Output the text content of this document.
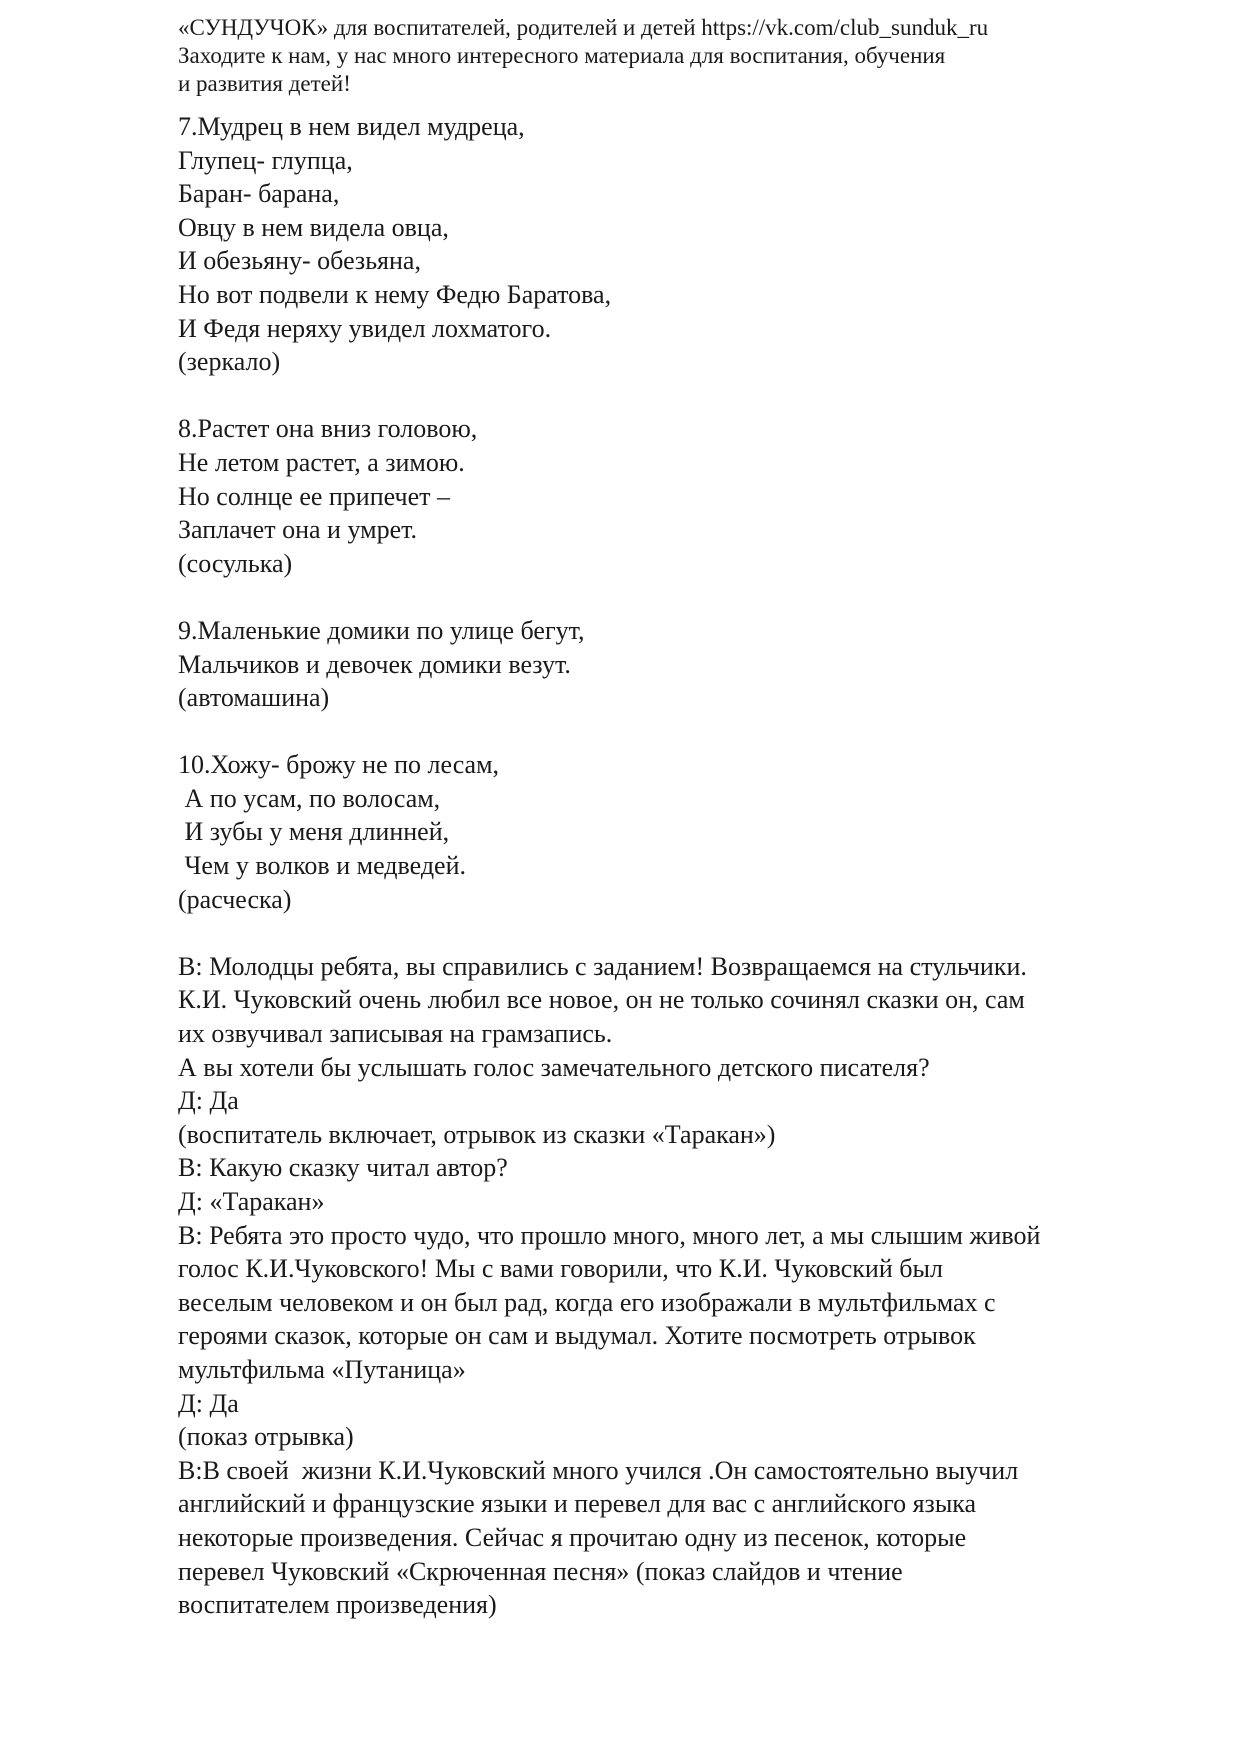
«СУНДУЧОК» для воспитателей, родителей и детей https://vk.com/club_sunduk_ru
Заходите к нам, у нас много интересного материала для воспитания, обучения
и развития детей!
7.Мудрец в нем видел мудреца,
Глупец- глупца,
Баран- барана,
Овцу в нем видела овца,
И обезьяну- обезьяна,
Но вот подвели к нему Федю Баратова,
И Федя неряху увидел лохматого.
(зеркало)
8.Растет она вниз головою,
Не летом растет, а зимою.
Но солнце ее припечет –
Заплачет она и умрет.
(сосулька)
9.Маленькие домики по улице бегут,
Мальчиков и девочек домики везут.
(автомашина)
10.Хожу- брожу не по лесам,
А по усам, по волосам,
И зубы у меня длинней,
Чем у волков и медведей.
(расческа)
В: Молодцы ребята, вы справились с заданием! Возвращаемся на стульчики.
К.И. Чуковский очень любил все новое, он не только сочинял сказки он, сам
их озвучивал записывая на грамзапись.
А вы хотели бы услышать голос замечательного детского писателя?
Д: Да
(воспитатель включает, отрывок из сказки «Таракан»)
В: Какую сказку читал автор?
Д: «Таракан»
В: Ребята это просто чудо, что прошло много, много лет, а мы слышим живой
голос К.И.Чуковского! Мы с вами говорили, что К.И. Чуковский был
веселым человеком и он был рад, когда его изображали в мультфильмах с
героями сказок, которые он сам и выдумал. Хотите посмотреть отрывок
мультфильма «Путаница»
Д: Да
(показ отрывка)
В:В своей  жизни К.И.Чуковский много учился .Он самостоятельно выучил
английский и французские языки и перевел для вас с английского языка
некоторые произведения. Сейчас я прочитаю одну из песенок, которые
перевел Чуковский «Скрюченная песня» (показ слайдов и чтение
воспитателем произведения)
